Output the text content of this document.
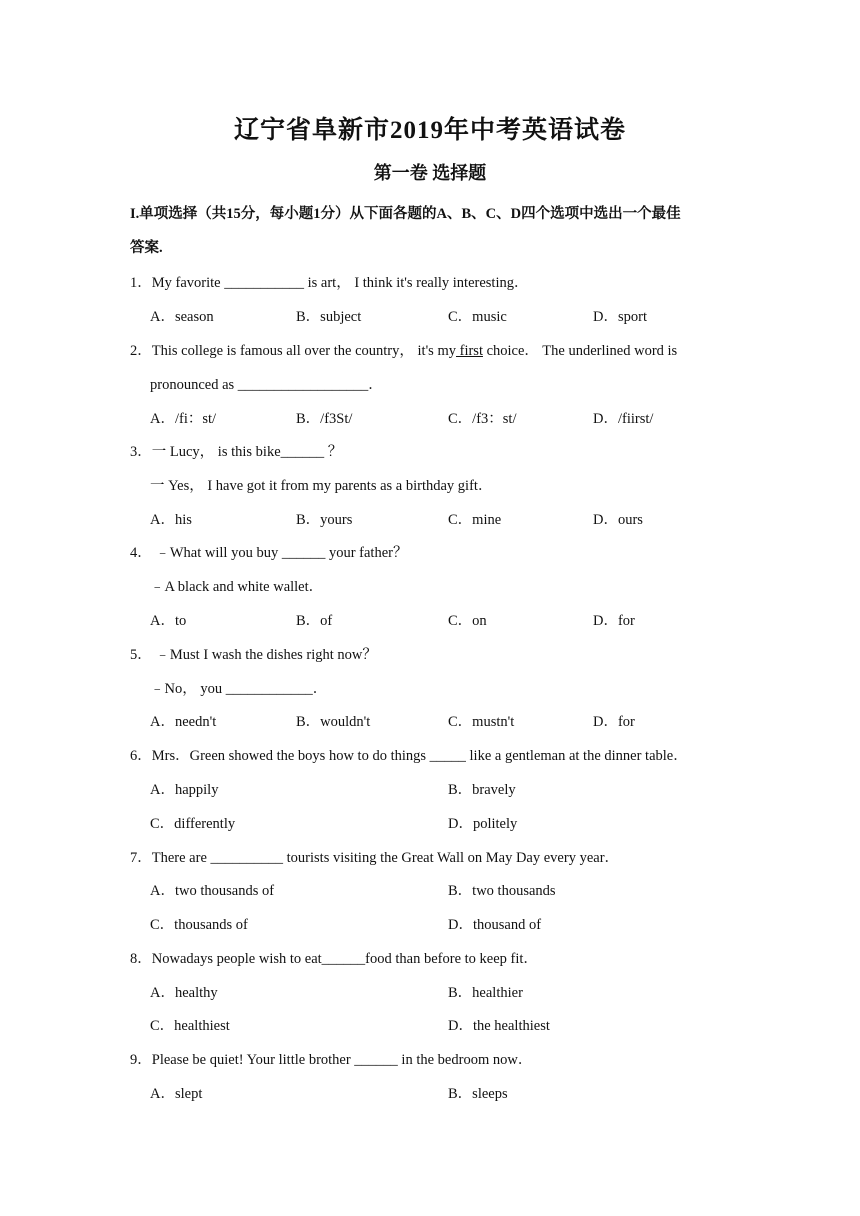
辽宁省阜新市2019年中考英语试卷
第一卷 选择题
I.单项选择（共15分，每小题1分）从下面各题的A、B、C、D四个选项中选出一个最佳
答案.
1．My favorite ___________ is art， I think it's really interesting．
A．season	B．subject	C．music	D．sport
2．This college is famous all over the country， it's my first choice． The underlined word is
pronounced as __________________．
A．/fi：st/	B．/f3St/	C．/f3：st/	D．/fiirst/
3．一 Lucy， is this bike______ ？
一 Yes， I have got it from my parents as a birthday gift．
A．his	B．yours	C．mine	D．ours
4． ﹣What will you buy ______ your father？
﹣A black and white wallet．
A．to	B．of	C．on	D．for
5． ﹣Must I wash the dishes right now？
﹣No， you ____________．
A．needn't	B．wouldn't	C．mustn't	D．for
6．Mrs．Green showed the boys how to do things _____ like a gentleman at the dinner table．
A．happily	B．bravely
C．differently	D．politely
7．There are __________ tourists visiting the Great Wall on May Day every year．
A．two thousands of	B．two thousands
C．thousands of	D．thousand of
8．Nowadays people wish to eat______food than before to keep fit．
A．healthy	B．healthier
C．healthiest	D．the healthiest
9．Please be quiet! Your little brother ______ in the bedroom now．
A．slept	B．sleeps
